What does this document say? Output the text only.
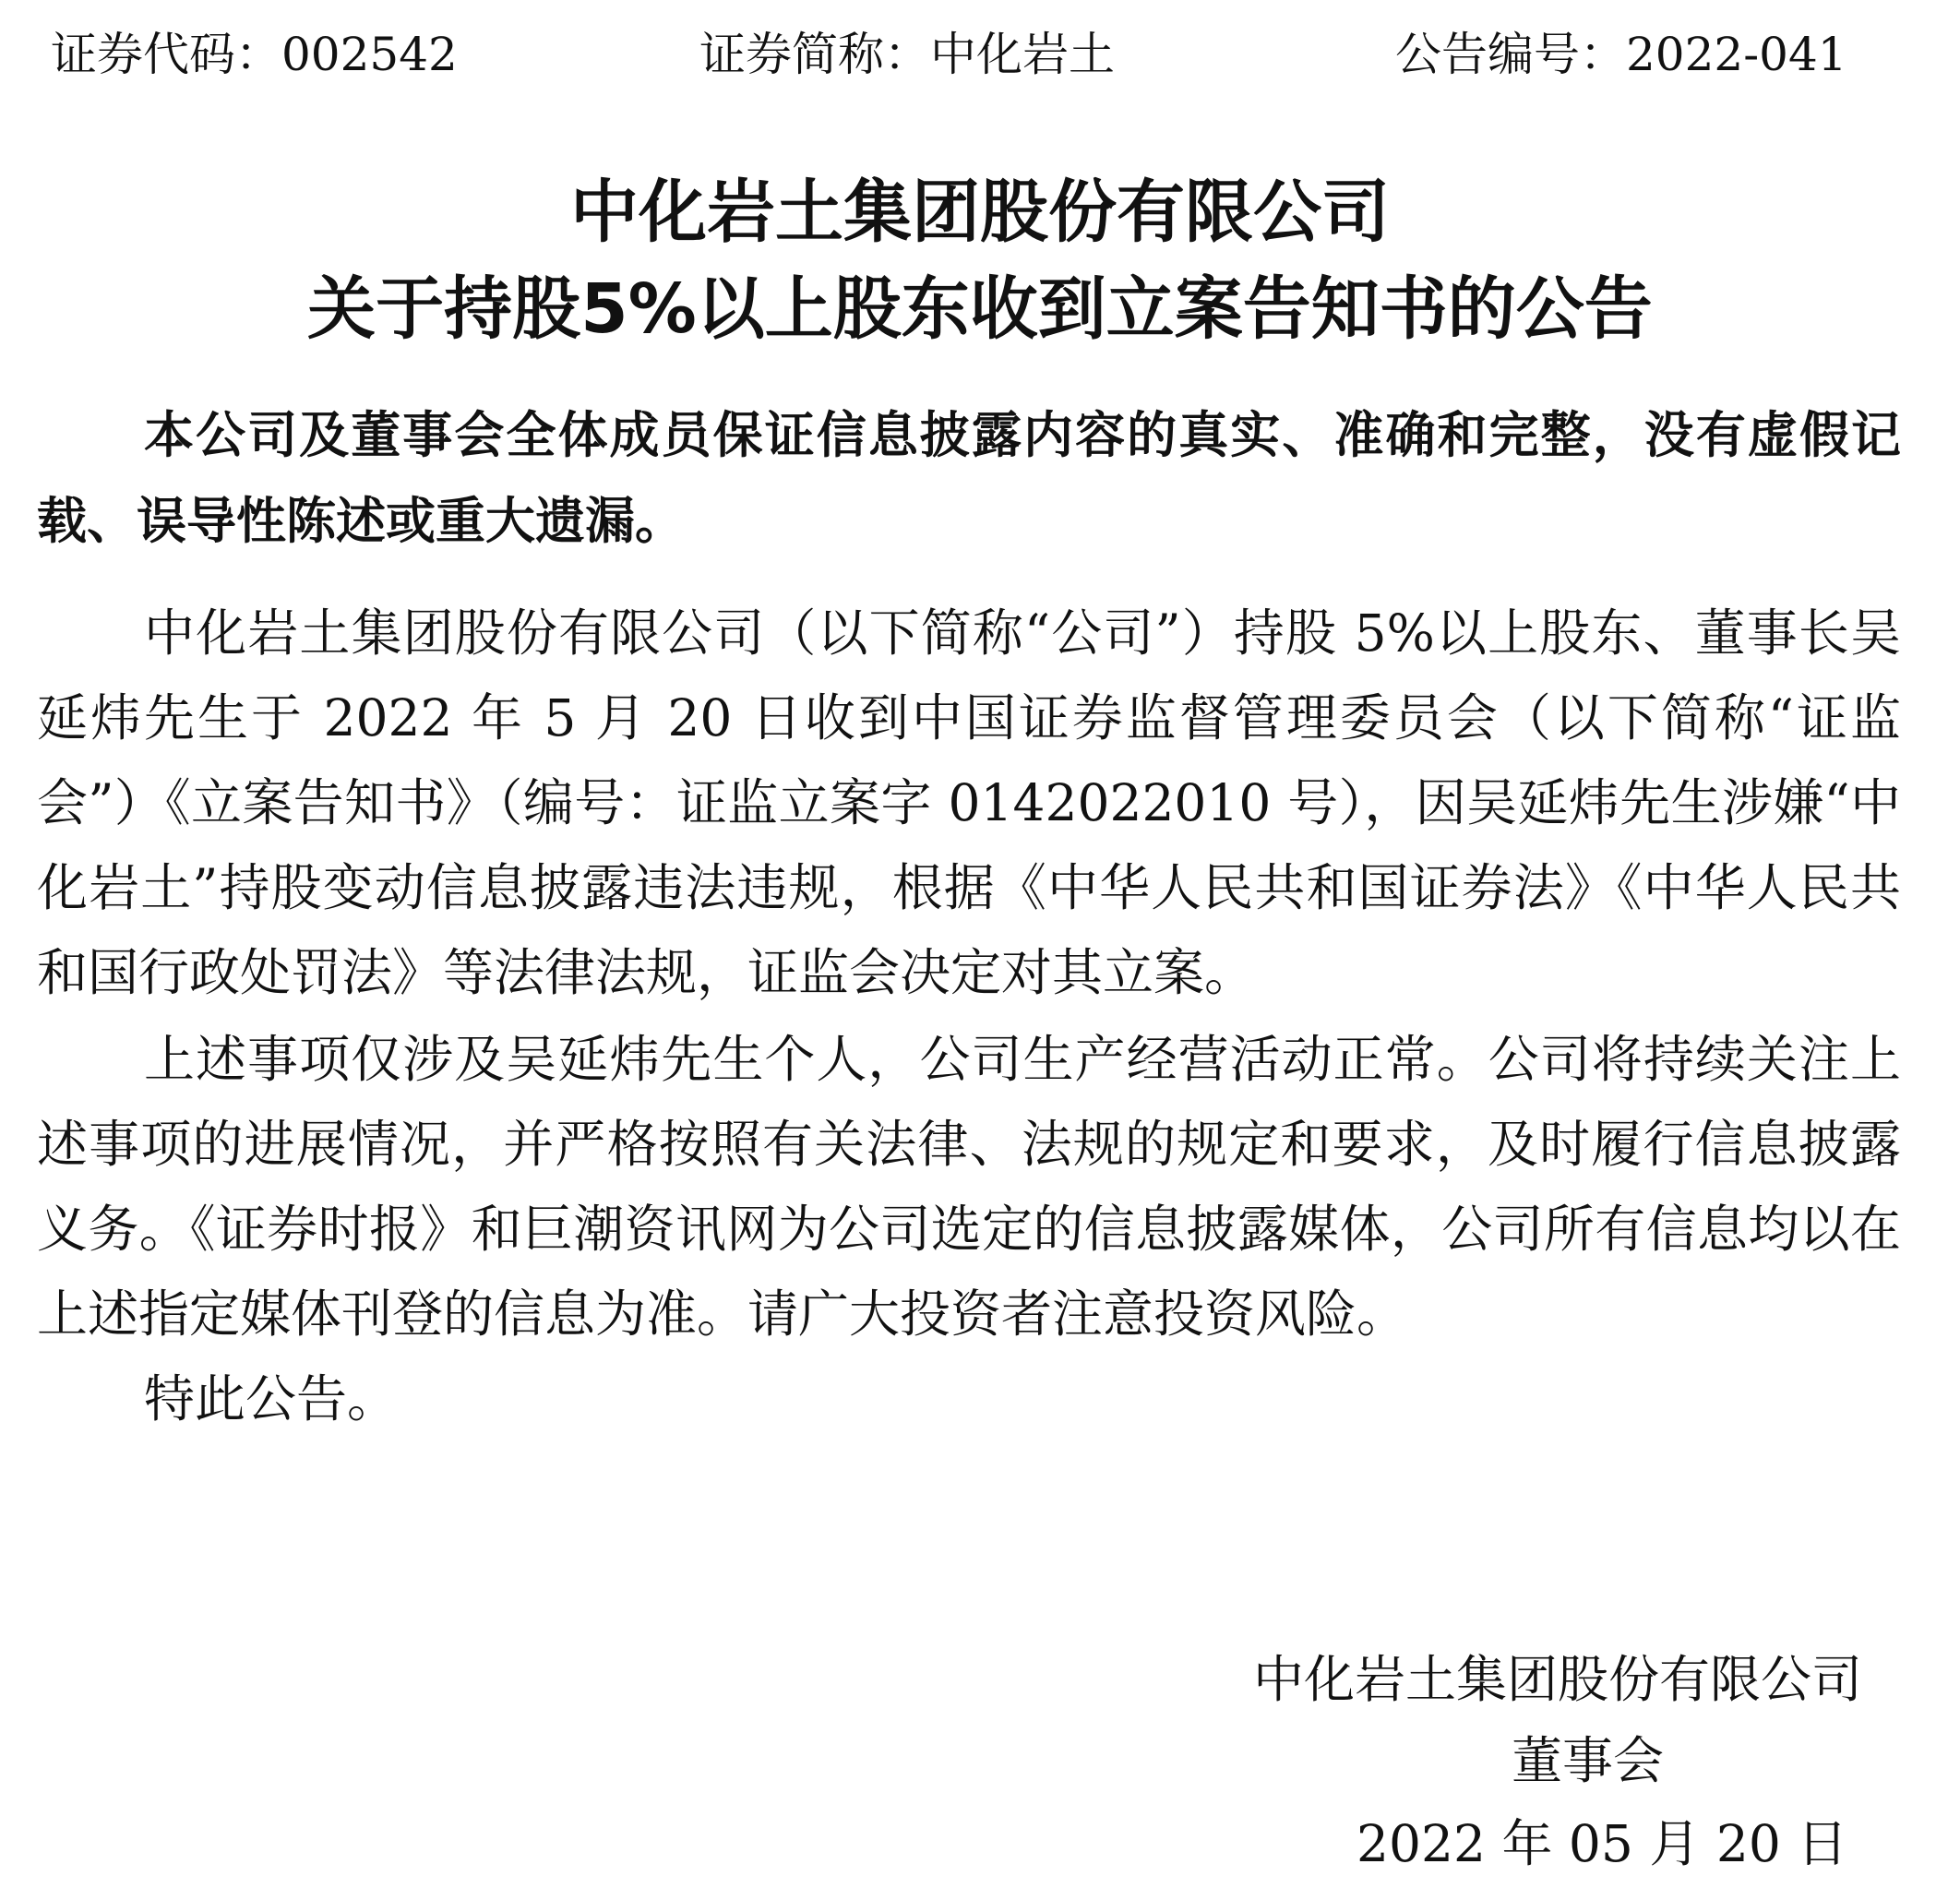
证券代码：002542	证券简称：中化岩土	公告编号：2022-041
中化岩土集团股份有限公司
关于持股5%以上股东收到立案告知书的公告
本公司及董事会全体成员保证信息披露内容的真实、准确和完整，没有虚假记载、误导性陈述或重大遗漏。
中化岩土集团股份有限公司（以下简称“公司”）持股 5%以上股东、董事长吴延炜先生于 2022 年 5 月 20 日收到中国证券监督管理委员会（以下简称“证监会”）《立案告知书》（编号：证监立案字 0142022010 号），因吴延炜先生涉嫌“中化岩土”持股变动信息披露违法违规，根据《中华人民共和国证券法》《中华人民共和国行政处罚法》等法律法规，证监会决定对其立案。
上述事项仅涉及吴延炜先生个人，公司生产经营活动正常。公司将持续关注上述事项的进展情况，并严格按照有关法律、法规的规定和要求，及时履行信息披露义务。《证券时报》和巨潮资讯网为公司选定的信息披露媒体，公司所有信息均以在上述指定媒体刊登的信息为准。请广大投资者注意投资风险。
特此公告。
中化岩土集团股份有限公司
董事会
2022 年 05 月 20 日
